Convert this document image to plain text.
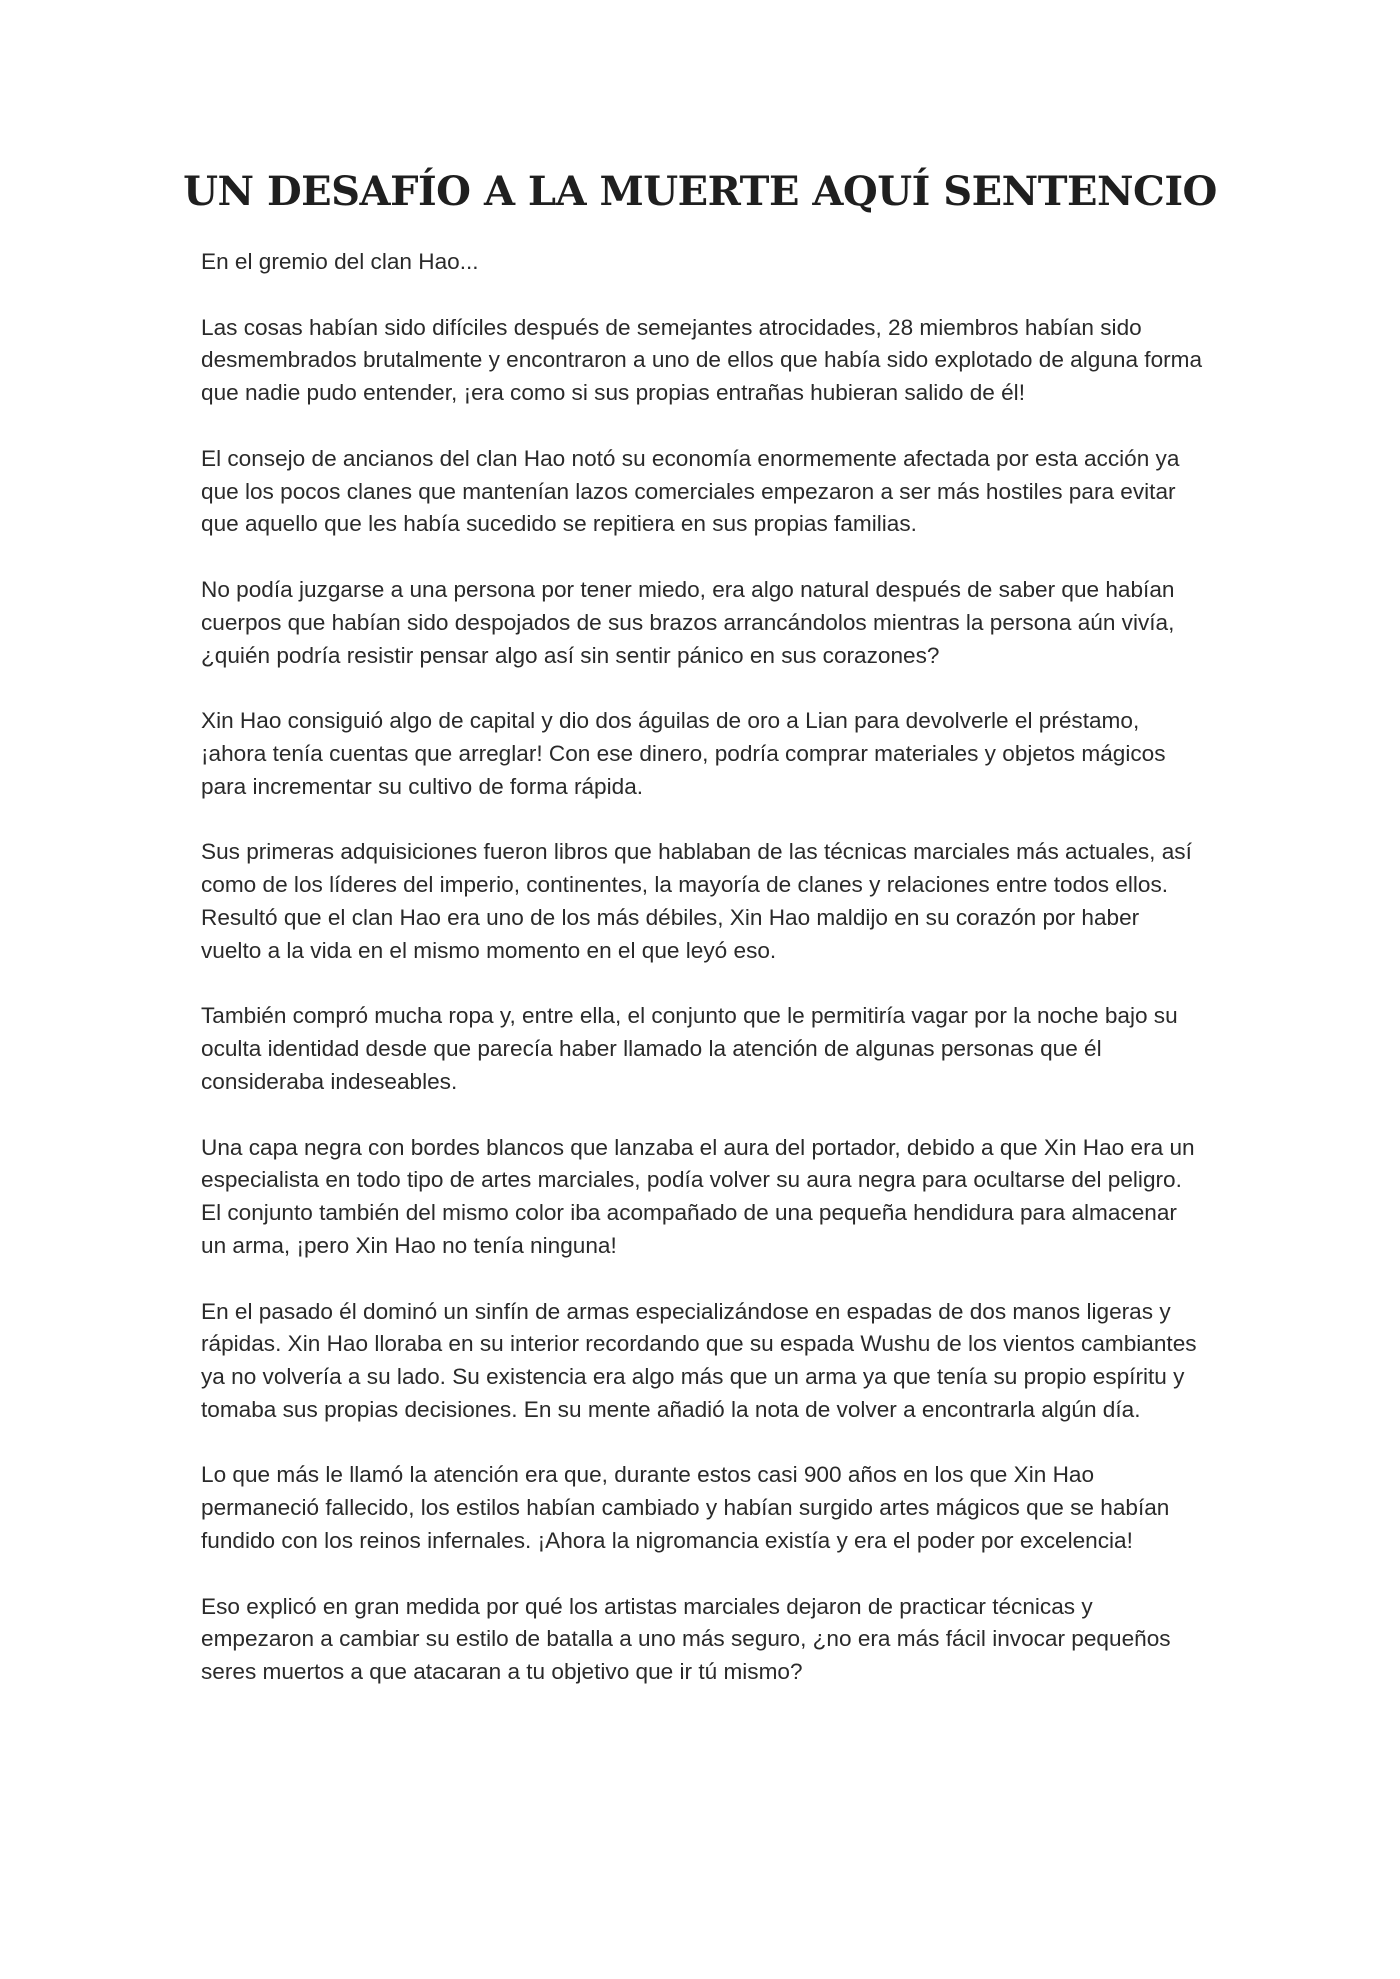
UN DESAFÍO A LA MUERTE AQUÍ SENTENCIO

En el gremio del clan Hao...

Las cosas habían sido difíciles después de semejantes atrocidades, 28 miembros habían sido desmembrados brutalmente y encontraron a uno de ellos que había sido explotado de alguna forma que nadie pudo entender, ¡era como si sus propias entrañas hubieran salido de él!

El consejo de ancianos del clan Hao notó su economía enormemente afectada por esta acción ya que los pocos clanes que mantenían lazos comerciales empezaron a ser más hostiles para evitar que aquello que les había sucedido se repitiera en sus propias familias.

No podía juzgarse a una persona por tener miedo, era algo natural después de saber que habían cuerpos que habían sido despojados de sus brazos arrancándolos mientras la persona aún vivía, ¿quién podría resistir pensar algo así sin sentir pánico en sus corazones?

Xin Hao consiguió algo de capital y dio dos águilas de oro a Lian para devolverle el préstamo, ¡ahora tenía cuentas que arreglar! Con ese dinero, podría comprar materiales y objetos mágicos para incrementar su cultivo de forma rápida.

Sus primeras adquisiciones fueron libros que hablaban de las técnicas marciales más actuales, así como de los líderes del imperio, continentes, la mayoría de clanes y relaciones entre todos ellos. Resultó que el clan Hao era uno de los más débiles, Xin Hao maldijo en su corazón por haber vuelto a la vida en el mismo momento en el que leyó eso.

También compró mucha ropa y, entre ella, el conjunto que le permitiría vagar por la noche bajo su oculta identidad desde que parecía haber llamado la atención de algunas personas que él consideraba indeseables.

Una capa negra con bordes blancos que lanzaba el aura del portador, debido a que Xin Hao era un especialista en todo tipo de artes marciales, podía volver su aura negra para ocultarse del peligro. El conjunto también del mismo color iba acompañado de una pequeña hendidura para almacenar un arma, ¡pero Xin Hao no tenía ninguna!

En el pasado él dominó un sinfín de armas especializándose en espadas de dos manos ligeras y rápidas. Xin Hao lloraba en su interior recordando que su espada Wushu de los vientos cambiantes ya no volvería a su lado. Su existencia era algo más que un arma ya que tenía su propio espíritu y tomaba sus propias decisiones. En su mente añadió la nota de volver a encontrarla algún día.

Lo que más le llamó la atención era que, durante estos casi 900 años en los que Xin Hao permaneció fallecido, los estilos habían cambiado y habían surgido artes mágicos que se habían fundido con los reinos infernales. ¡Ahora la nigromancia existía y era el poder por excelencia!

Eso explicó en gran medida por qué los artistas marciales dejaron de practicar técnicas y empezaron a cambiar su estilo de batalla a uno más seguro, ¿no era más fácil invocar pequeños seres muertos a que atacaran a tu objetivo que ir tú mismo?
